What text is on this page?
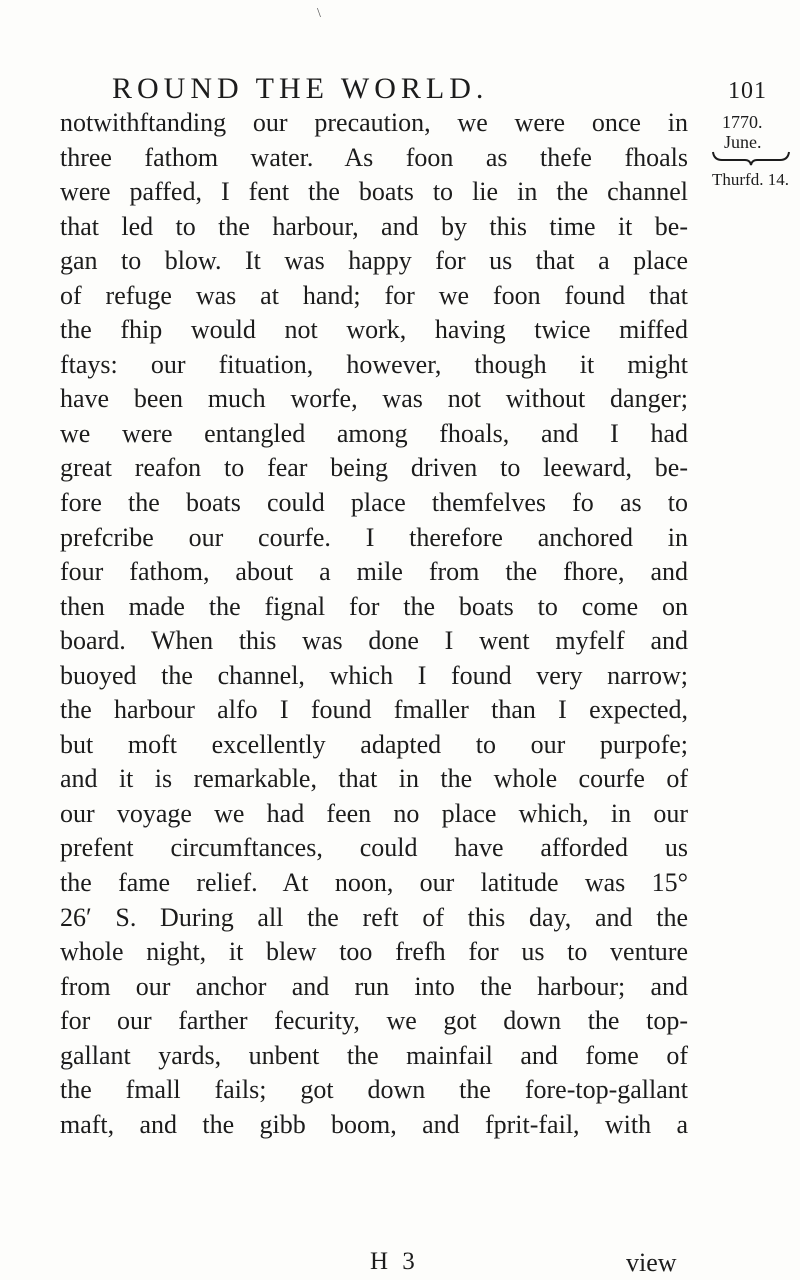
\
ROUND THE WORLD.	101
1770.
June.
Thurfd. 14.
notwithftanding our precaution, we were once in
three fathom water. As foon as thefe fhoals
were paffed, I fent the boats to lie in the channel
that led to the harbour, and by this time it be-
gan to blow. It was happy for us that a place
of refuge was at hand; for we foon found that
the fhip would not work, having twice miffed
ftays: our fituation, however, though it might
have been much worfe, was not without danger;
we were entangled among fhoals, and I had
great reafon to fear being driven to leeward, be-
fore the boats could place themfelves fo as to
prefcribe our courfe. I therefore anchored in
four fathom, about a mile from the fhore, and
then made the fignal for the boats to come on
board. When this was done I went myfelf and
buoyed the channel, which I found very narrow;
the harbour alfo I found fmaller than I expected,
but moft excellently adapted to our purpofe;
and it is remarkable, that in the whole courfe of
our voyage we had feen no place which, in our
prefent circumftances, could have afforded us
the fame relief. At noon, our latitude was 15°
26′ S. During all the reft of this day, and the
whole night, it blew too frefh for us to venture
from our anchor and run into the harbour; and
for our farther fecurity, we got down the top-
gallant yards, unbent the mainfail and fome of
the fmall fails; got down the fore-top-gallant
maft, and the gibb boom, and fprit-fail, with a
H 3	view
